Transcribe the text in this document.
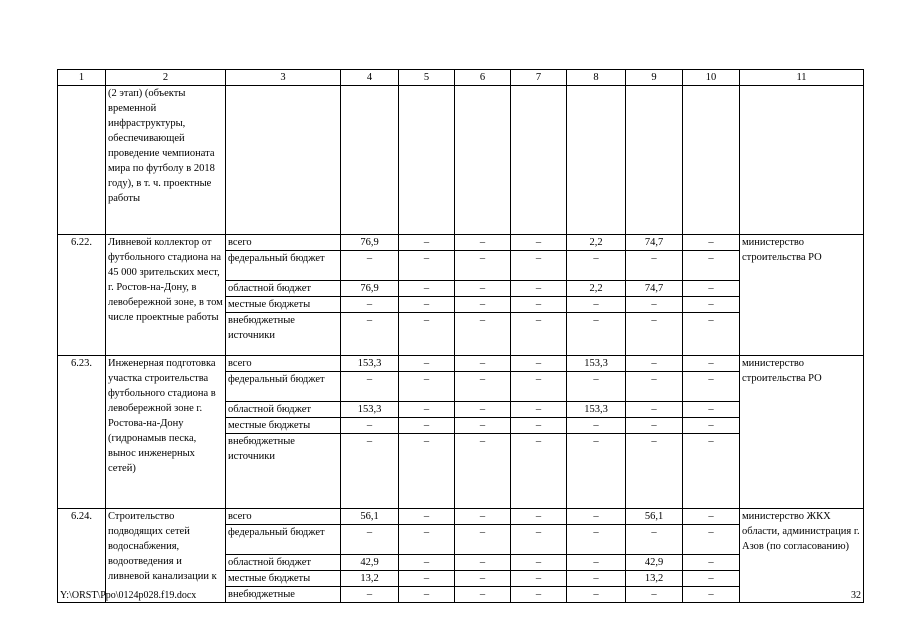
1	2	3	4	5	6	7	8	9	10	11
	(2 этап) (объекты временной инфраструктуры, обеспечивающей проведение чемпионата мира по футболу в 2018 году), в т. ч. проектные работы									
6.22.	Ливневой коллектор от футбольного стадиона на 45 000 зрительских мест, г. Ростов-на-Дону, в левобережной зоне, в том числе проектные работы	всего	76,9	–	–	–	2,2	74,7	–	министерство строительства РО
		федеральный бюджет	–	–	–	–	–	–	–	
		областной бюджет	76,9	–	–	–	2,2	74,7	–	
		местные бюджеты	–	–	–	–	–	–	–	
		внебюджетные источники	–	–	–	–	–	–	–	
6.23.	Инженерная подготовка участка строительства футбольного стадиона в левобережной зоне г. Ростова-на-Дону (гидронамыв песка, вынос инженерных сетей)	всего	153,3	–	–	–	153,3	–	–	министерство строительства РО
		федеральный бюджет	–	–	–	–	–	–	–	
		областной бюджет	153,3	–	–	–	153,3	–	–	
		местные бюджеты	–	–	–	–	–	–	–	
		внебюджетные источники	–	–	–	–	–	–	–	
6.24.	Строительство подводящих сетей водоснабжения, водоотведения и ливневой канализации к	всего	56,1	–	–	–	–	56,1	–	министерство ЖКХ области, администрация г. Азов (по согласованию)
		федеральный бюджет	–	–	–	–	–	–	–	
		областной бюджет	42,9	–	–	–	–	42,9	–	
		местные бюджеты	13,2	–	–	–	–	13,2	–	
		внебюджетные	–	–	–	–	–	–	–	
Y:\ORST\Ppo\0124p028.f19.docx	32
